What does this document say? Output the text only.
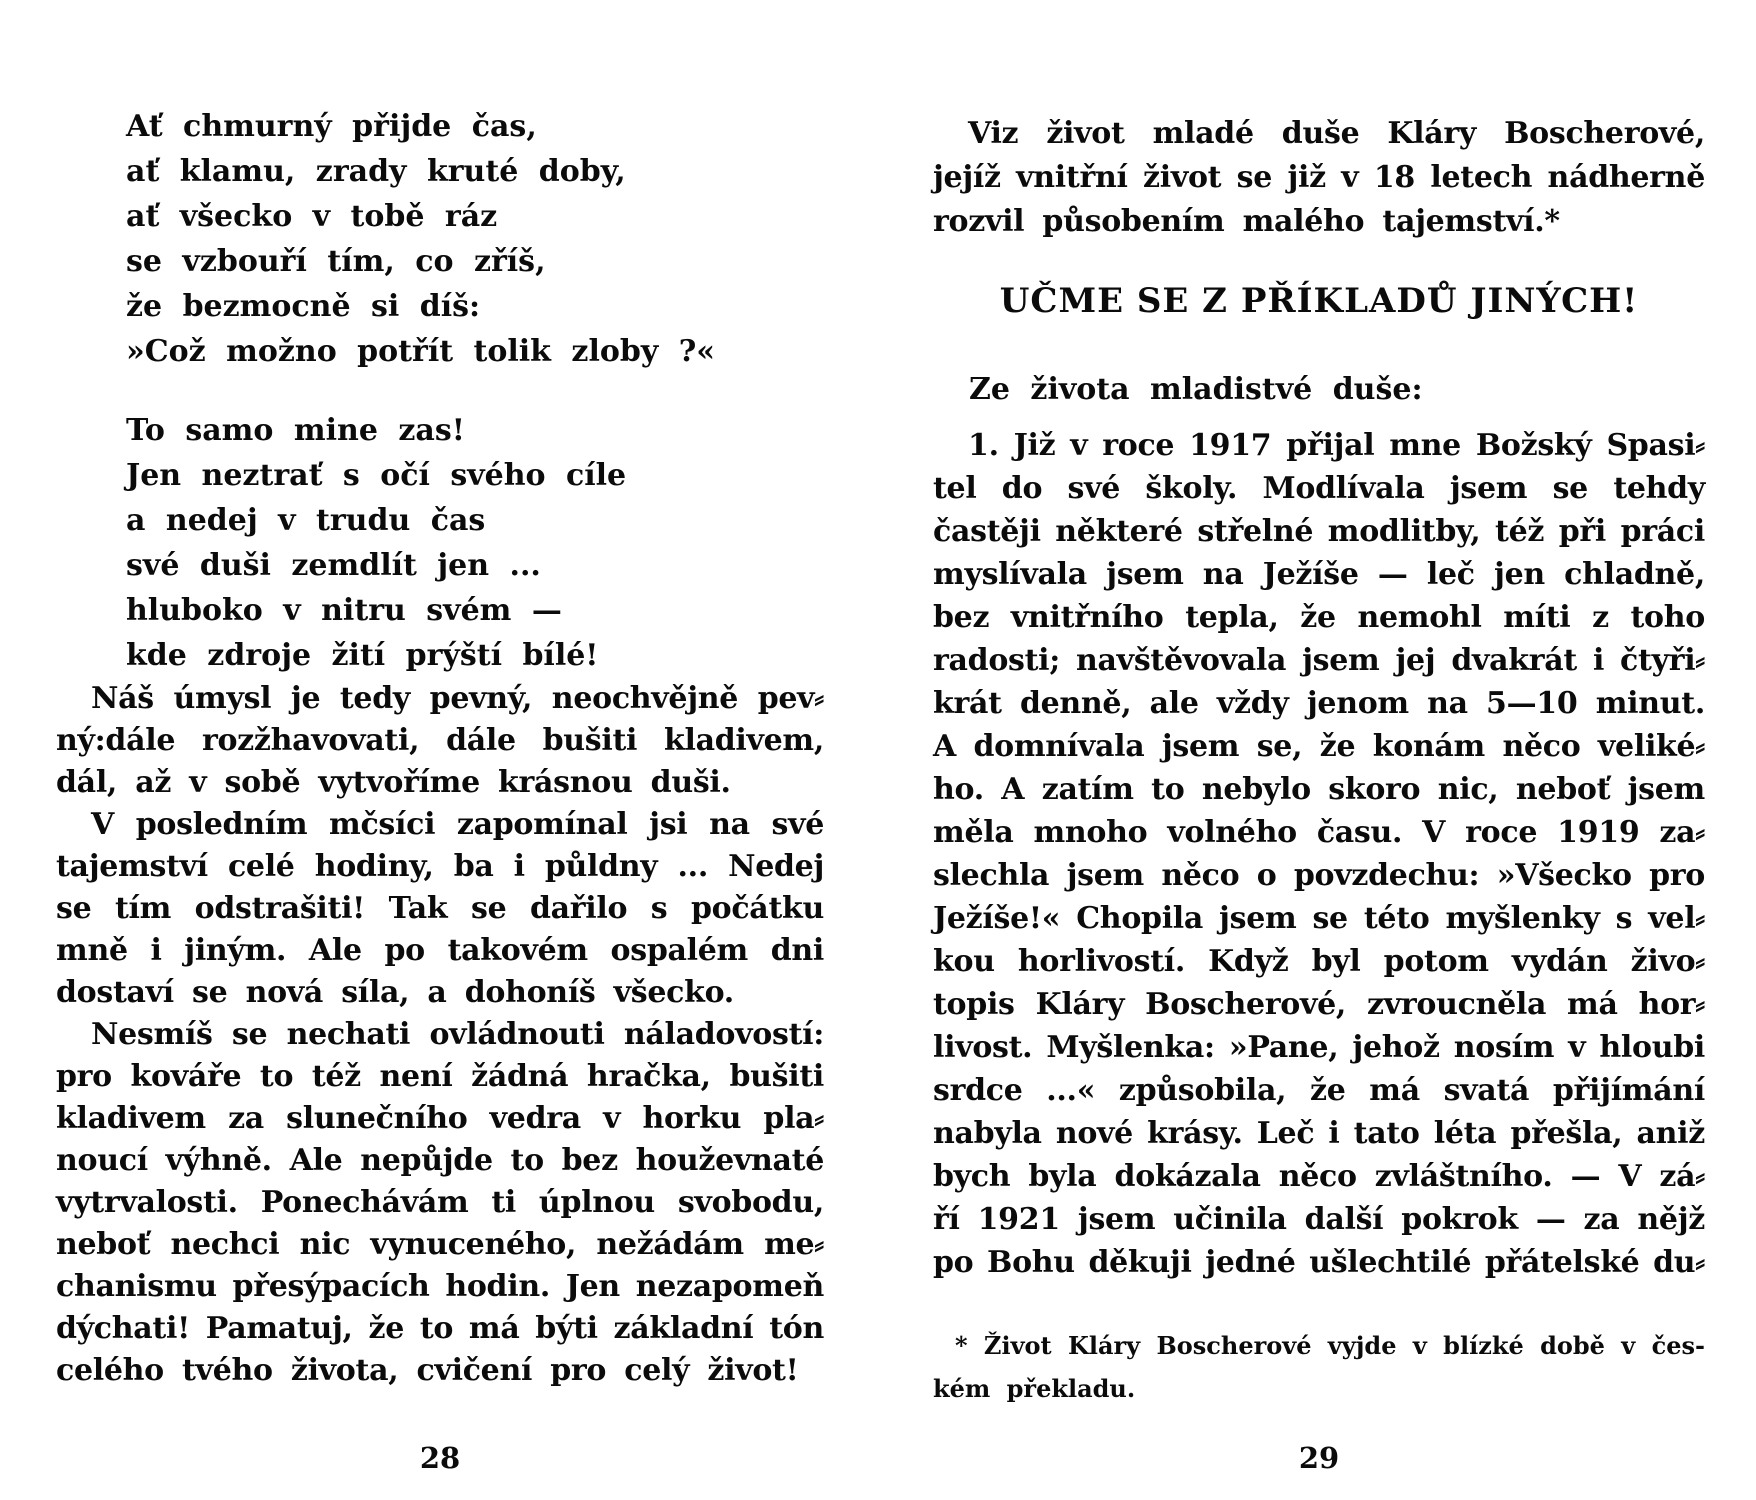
Ať chmurný přijde čas,
ať klamu, zrady kruté doby,
ať všecko v tobě ráz
se vzbouří tím, co zříš,
že bezmocně si díš:
»Což možno potřít tolik zloby ?«
To samo mine zas!
Jen neztrať s očí svého cíle
a nedej v trudu čas
své duši zemdlít jen ...
hluboko v nitru svém —
kde zdroje žití prýští bílé!
Náš úmysl je tedy pevný, neochvějně pev⸗
ný:dále rozžhavovati, dále bušiti kladivem,
dál, až v sobě vytvoříme krásnou duši.
V posledním mčsíci zapomínal jsi na své
tajemství celé hodiny, ba i půldny ... Nedej
se tím odstrašiti! Tak se dařilo s počátku
mně i jiným. Ale po takovém ospalém dni
dostaví se nová síla, a dohoníš všecko.
Nesmíš se nechati ovládnouti náladovostí:
pro kováře to též není žádná hračka, bušiti
kladivem za slunečního vedra v horku pla⸗
noucí výhně. Ale nepůjde to bez houževnaté
vytrvalosti. Ponechávám ti úplnou svobodu,
neboť nechci nic vynuceného, nežádám me⸗
chanismu přesýpacích hodin. Jen nezapomeň
dýchati! Pamatuj, že to má býti základní tón
celého tvého života, cvičení pro celý život!
28
Viz život mladé duše Kláry Boscherové,
jejíž vnitřní život se již v 18 letech nádherně
rozvil působením malého tajemství.*
UČME SE Z PŘÍKLADŮ JINÝCH!
Ze života mladistvé duše:
1. Již v roce 1917 přijal mne Božský Spasi⸗
tel do své školy. Modlívala jsem se tehdy
častěji některé střelné modlitby, též při práci
myslívala jsem na Ježíše — leč jen chladně,
bez vnitřního tepla, že nemohl míti z toho
radosti; navštěvovala jsem jej dvakrát i čtyři⸗
krát denně, ale vždy jenom na 5—10 minut.
A domnívala jsem se, že konám něco veliké⸗
ho. A zatím to nebylo skoro nic, neboť jsem
měla mnoho volného času. V roce 1919 za⸗
slechla jsem něco o povzdechu: »Všecko pro
Ježíše!« Chopila jsem se této myšlenky s vel⸗
kou horlivostí. Když byl potom vydán živo⸗
topis Kláry Boscherové, zvroucněla má hor⸗
livost. Myšlenka: »Pane, jehož nosím v hloubi
srdce ...« způsobila, že má svatá přijímání
nabyla nové krásy. Leč i tato léta přešla, aniž
bych byla dokázala něco zvláštního. — V zá⸗
ří 1921 jsem učinila další pokrok — za nějž
po Bohu děkuji jedné ušlechtilé přátelské du⸗
* Život Kláry Boscherové vyjde v blízké době v čes-
kém překladu.
29
